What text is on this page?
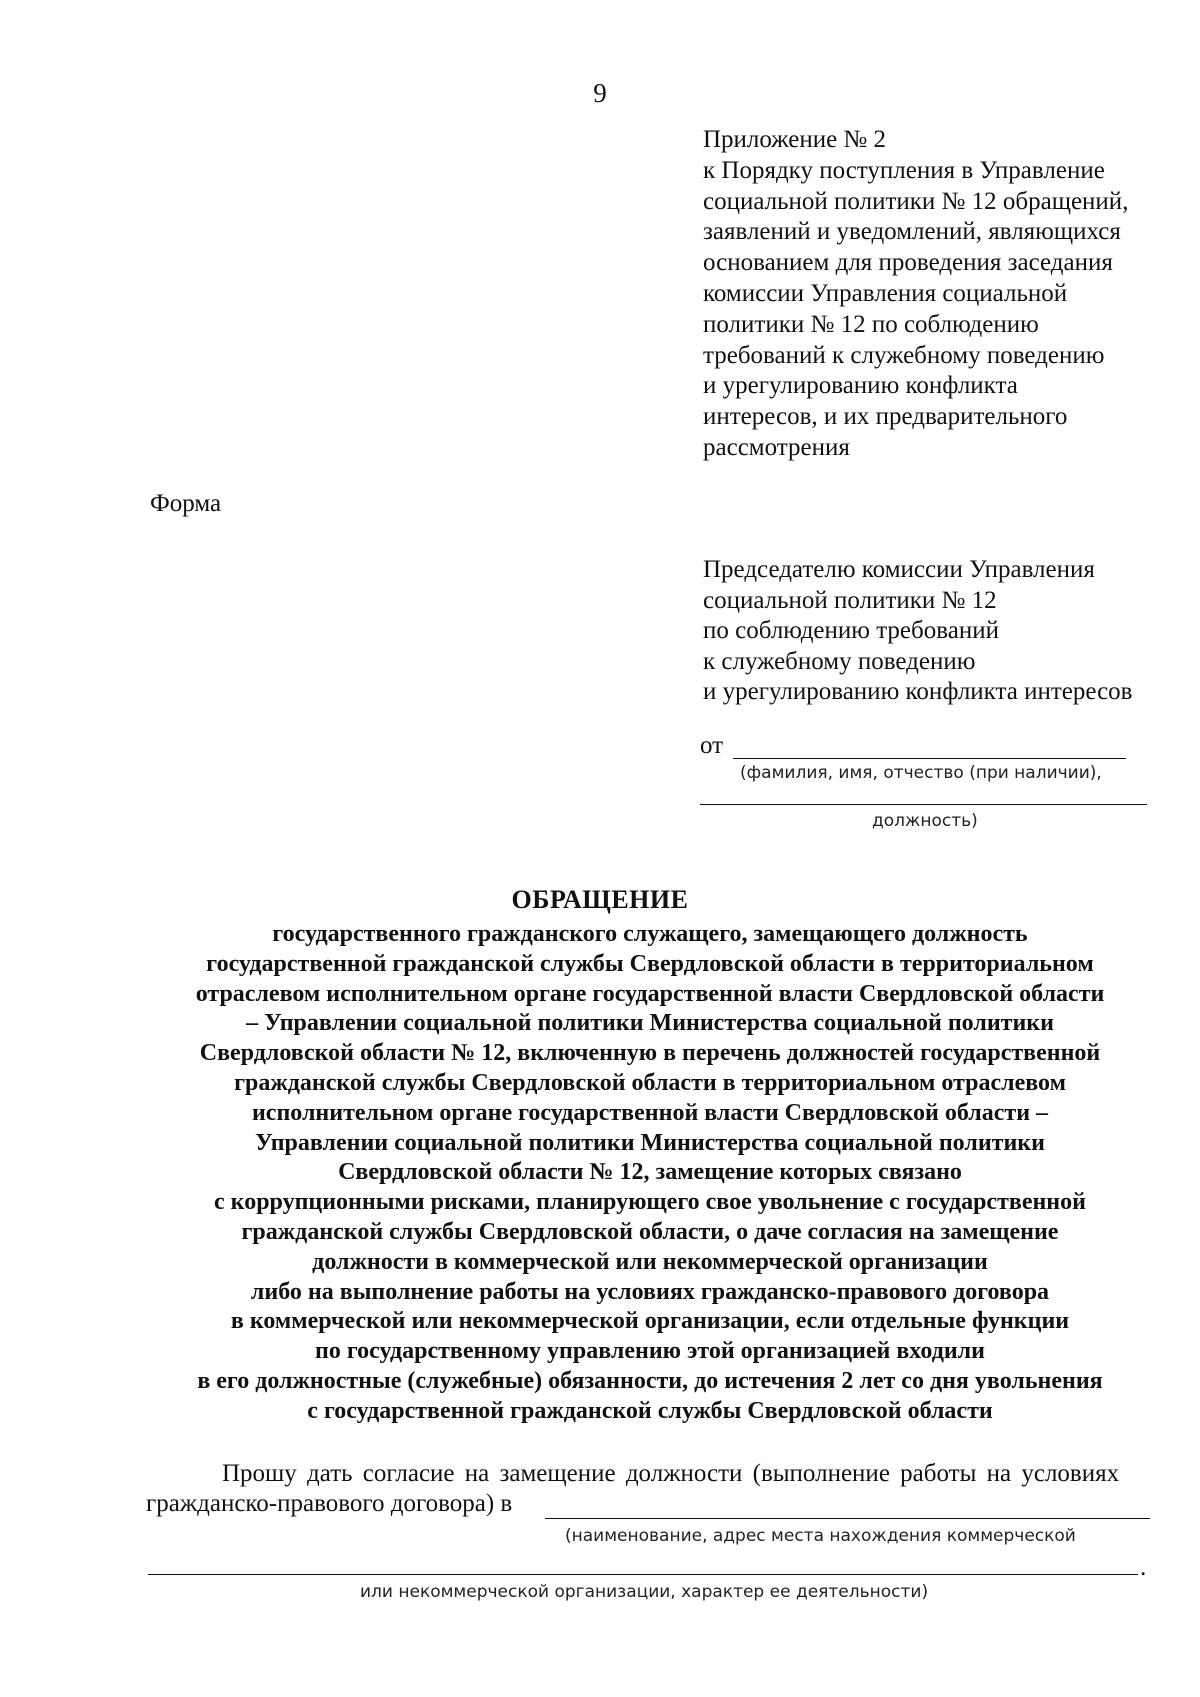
9
Приложение № 2
к Порядку поступления в Управление
социальной политики № 12 обращений,
заявлений и уведомлений, являющихся
основанием для проведения заседания
комиссии Управления социальной
политики № 12 по соблюдению
требований к служебному поведению
и урегулированию конфликта
интересов, и их предварительного
рассмотрения
Форма
Председателю комиссии Управления
социальной политики № 12
по соблюдению требований
к служебному поведению
и урегулированию конфликта интересов
от
(фамилия, имя, отчество (при наличии),
должность)
ОБРАЩЕНИЕ
государственного гражданского служащего, замещающего должность
государственной гражданской службы Свердловской области в территориальном
отраслевом исполнительном органе государственной власти Свердловской области
– Управлении социальной политики Министерства социальной политики
Свердловской области № 12, включенную в перечень должностей государственной
гражданской службы Свердловской области в территориальном отраслевом
исполнительном органе государственной власти Свердловской области –
Управлении социальной политики Министерства социальной политики
Свердловской области № 12, замещение которых связано
с коррупционными рисками, планирующего свое увольнение с государственной
гражданской службы Свердловской области, о даче согласия на замещение
должности в коммерческой или некоммерческой организации
либо на выполнение работы на условиях гражданско-правового договора
в коммерческой или некоммерческой организации, если отдельные функции
по государственному управлению этой организацией входили
в его должностные (служебные) обязанности, до истечения 2 лет со дня увольнения
с государственной гражданской службы Свердловской области
Прошу дать согласие на замещение должности (выполнение работы на условиях
гражданско-правового договора) в
(наименование, адрес места нахождения коммерческой
.
или некоммерческой организации, характер ее деятельности)
